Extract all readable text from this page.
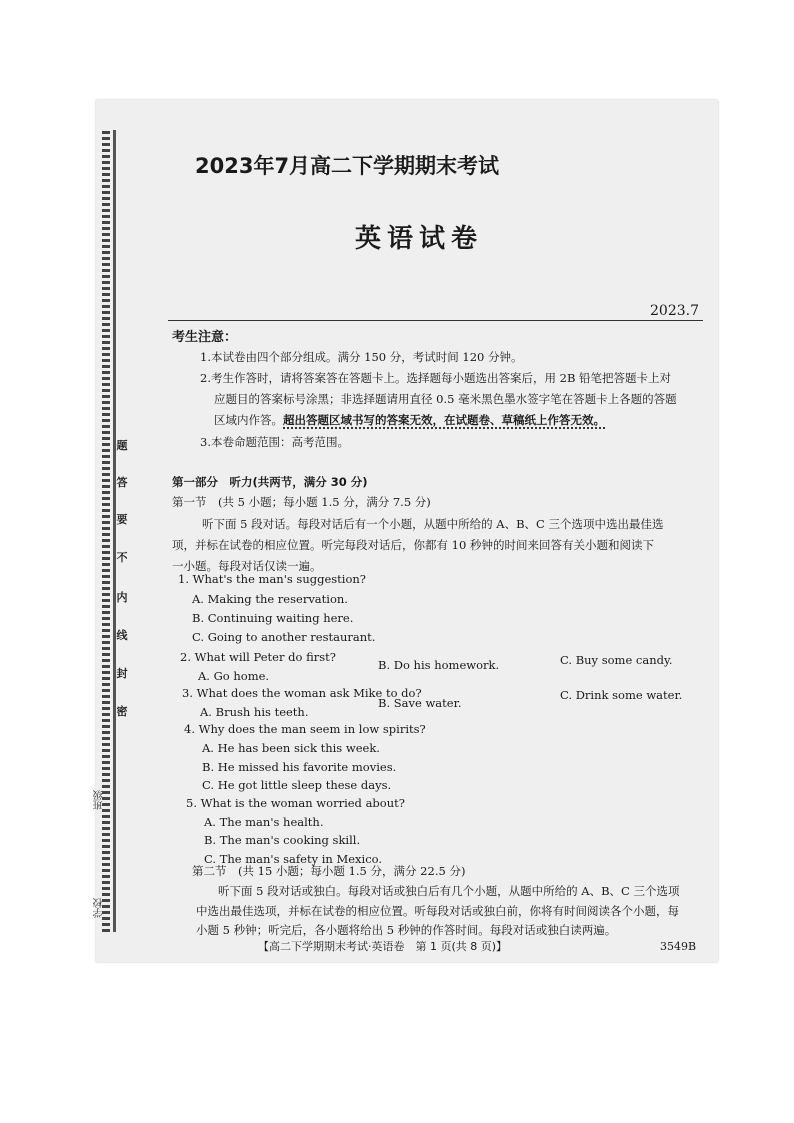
题
答
要
不
内
线
封
密
班级
学校
2023年7月高二下学期期末考试
英语试卷
2023.7
考生注意：
1.本试卷由四个部分组成。满分 150 分，考试时间 120 分钟。
2.考生作答时，请将答案答在答题卡上。选择题每小题选出答案后，用 2B 铅笔把答题卡上对
应题目的答案标号涂黑；非选择题请用直径 0.5 毫米黑色墨水签字笔在答题卡上各题的答题
区域内作答。超出答题区域书写的答案无效，在试题卷、草稿纸上作答无效。
3.本卷命题范围：高考范围。
第一部分　听力(共两节，满分 30 分)
第一节　(共 5 小题；每小题 1.5 分，满分 7.5 分)
听下面 5 段对话。每段对话后有一个小题，从题中所给的 A、B、C 三个选项中选出最佳选
项，并标在试卷的相应位置。听完每段对话后，你都有 10 秒钟的时间来回答有关小题和阅读下
一小题。每段对话仅读一遍。
1. What's the man's suggestion?
A. Making the reservation.
B. Continuing waiting here.
C. Going to another restaurant.
2. What will Peter do first?
A. Go home.
B. Do his homework.	C. Buy some candy.
3. What does the woman ask Mike to do?
A. Brush his teeth.
B. Save water.
C. Drink some water.
4. Why does the man seem in low spirits?
A. He has been sick this week.
B. He missed his favorite movies.
C. He got little sleep these days.
5. What is the woman worried about?
A. The man's health.
B. The man's cooking skill.
C. The man's safety in Mexico.
第二节　(共 15 小题；每小题 1.5 分，满分 22.5 分)
听下面 5 段对话或独白。每段对话或独白后有几个小题，从题中所给的 A、B、C 三个选项
中选出最佳选项，并标在试卷的相应位置。听每段对话或独白前，你将有时间阅读各个小题，每
小题 5 秒钟；听完后，各小题将给出 5 秒钟的作答时间。每段对话或独白读两遍。
【高二下学期期末考试·英语卷　第 1 页(共 8 页)】	3549B
